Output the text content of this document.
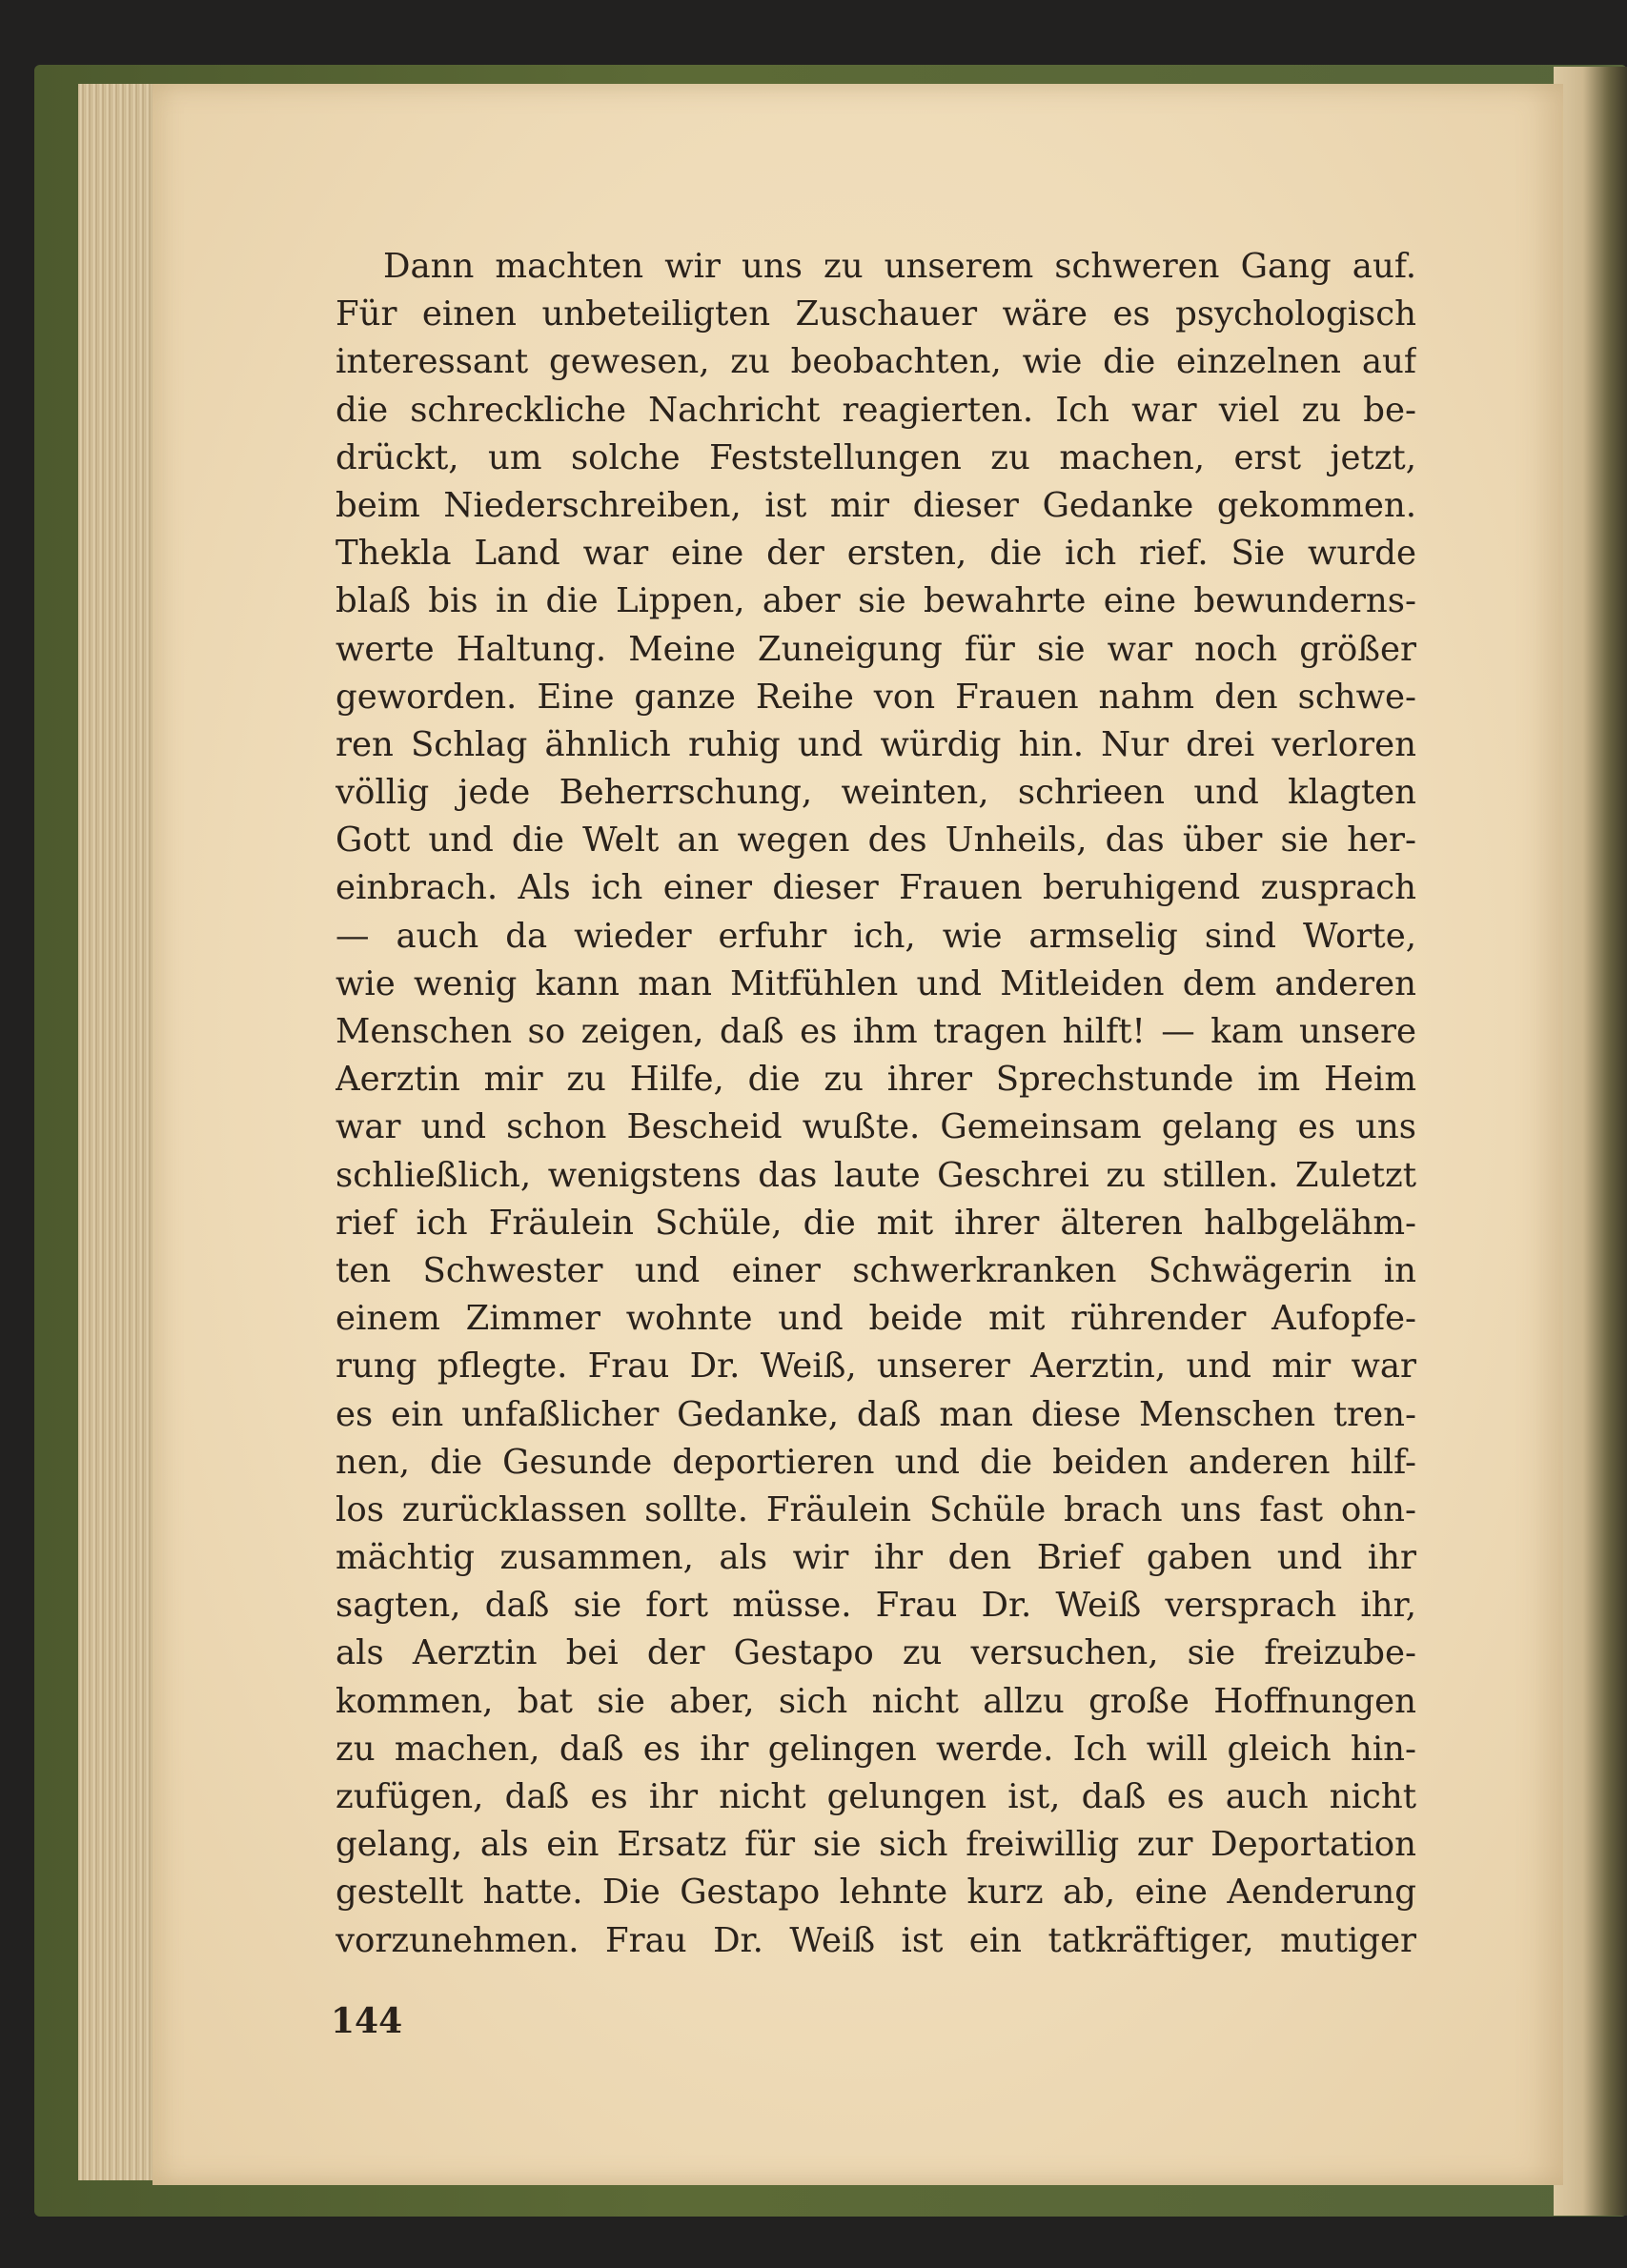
Dann machten wir uns zu unserem schweren Gang auf.
Für einen unbeteiligten Zuschauer wäre es psychologisch
interessant gewesen, zu beobachten, wie die einzelnen auf
die schreckliche Nachricht reagierten. Ich war viel zu be-
drückt, um solche Feststellungen zu machen, erst jetzt,
beim Niederschreiben, ist mir dieser Gedanke gekommen.
Thekla Land war eine der ersten, die ich rief. Sie wurde
blaß bis in die Lippen, aber sie bewahrte eine bewunderns-
werte Haltung. Meine Zuneigung für sie war noch größer
geworden. Eine ganze Reihe von Frauen nahm den schwe-
ren Schlag ähnlich ruhig und würdig hin. Nur drei verloren
völlig jede Beherrschung, weinten, schrieen und klagten
Gott und die Welt an wegen des Unheils, das über sie her-
einbrach. Als ich einer dieser Frauen beruhigend zusprach
— auch da wieder erfuhr ich, wie armselig sind Worte,
wie wenig kann man Mitfühlen und Mitleiden dem anderen
Menschen so zeigen, daß es ihm tragen hilft! — kam unsere
Aerztin mir zu Hilfe, die zu ihrer Sprechstunde im Heim
war und schon Bescheid wußte. Gemeinsam gelang es uns
schließlich, wenigstens das laute Geschrei zu stillen. Zuletzt
rief ich Fräulein Schüle, die mit ihrer älteren halbgelähm-
ten Schwester und einer schwerkranken Schwägerin in
einem Zimmer wohnte und beide mit rührender Aufopfe-
rung pflegte. Frau Dr. Weiß, unserer Aerztin, und mir war
es ein unfaßlicher Gedanke, daß man diese Menschen tren-
nen, die Gesunde deportieren und die beiden anderen hilf-
los zurücklassen sollte. Fräulein Schüle brach uns fast ohn-
mächtig zusammen, als wir ihr den Brief gaben und ihr
sagten, daß sie fort müsse. Frau Dr. Weiß versprach ihr,
als Aerztin bei der Gestapo zu versuchen, sie freizube-
kommen, bat sie aber, sich nicht allzu große Hoffnungen
zu machen, daß es ihr gelingen werde. Ich will gleich hin-
zufügen, daß es ihr nicht gelungen ist, daß es auch nicht
gelang, als ein Ersatz für sie sich freiwillig zur Deportation
gestellt hatte. Die Gestapo lehnte kurz ab, eine Aenderung
vorzunehmen. Frau Dr. Weiß ist ein tatkräftiger, mutiger
144
